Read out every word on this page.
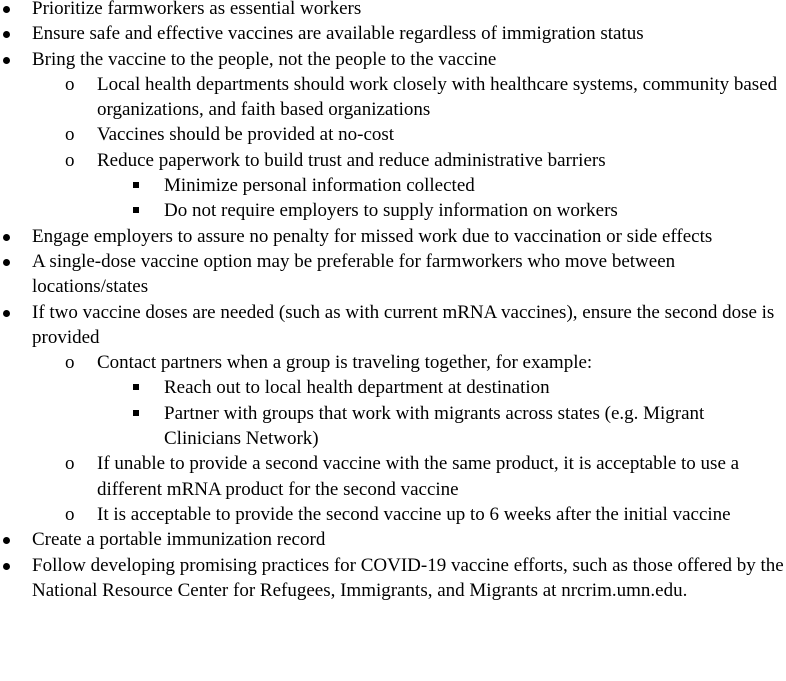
Prioritize farmworkers as essential workers
Ensure safe and effective vaccines are available regardless of immigration status
Bring the vaccine to the people, not the people to the vaccine
o Local health departments should work closely with healthcare systems, community based organizations, and faith based organizations
o Vaccines should be provided at no-cost
o Reduce paperwork to build trust and reduce administrative barriers
Minimize personal information collected
Do not require employers to supply information on workers
Engage employers to assure no penalty for missed work due to vaccination or side effects
A single-dose vaccine option may be preferable for farmworkers who move between locations/states
If two vaccine doses are needed (such as with current mRNA vaccines), ensure the second dose is provided
o Contact partners when a group is traveling together, for example:
Reach out to local health department at destination
Partner with groups that work with migrants across states (e.g. Migrant Clinicians Network)
o If unable to provide a second vaccine with the same product, it is acceptable to use a different mRNA product for the second vaccine
o It is acceptable to provide the second vaccine up to 6 weeks after the initial vaccine
Create a portable immunization record
Follow developing promising practices for COVID-19 vaccine efforts, such as those offered by the National Resource Center for Refugees, Immigrants, and Migrants at nrcrim.umn.edu.
